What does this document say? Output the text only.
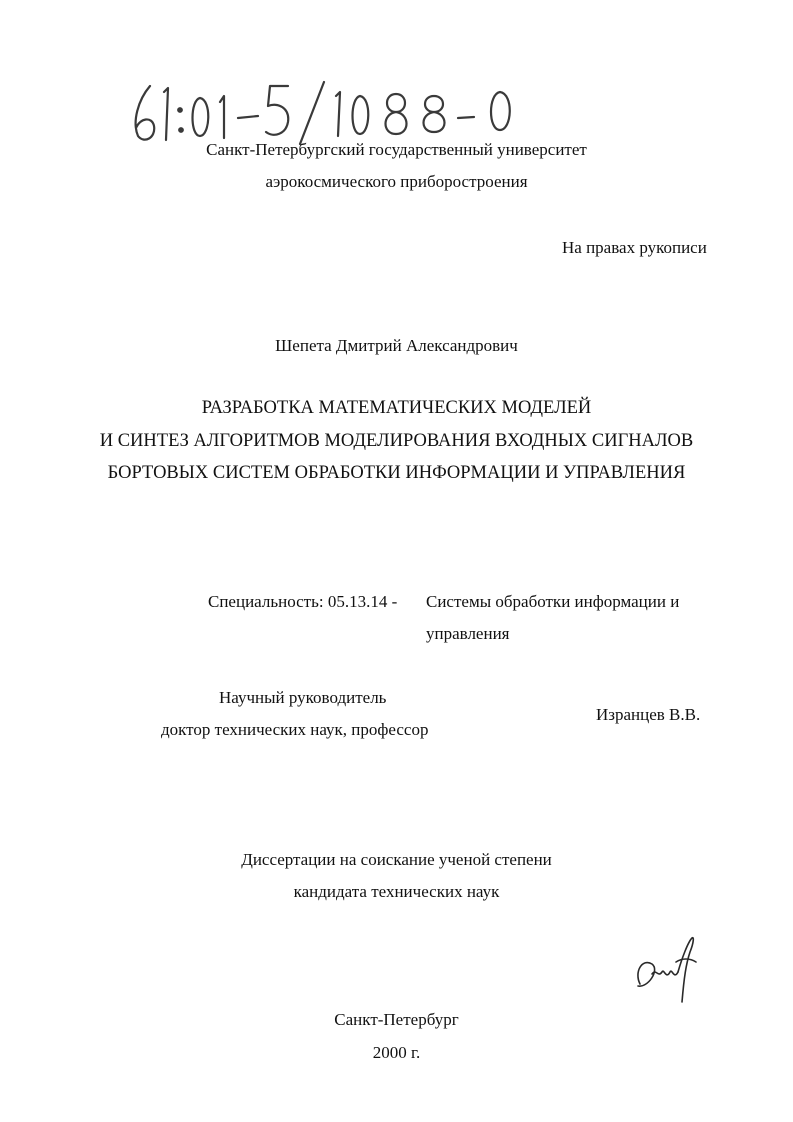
Санкт-Петербургский государственный университет
аэрокосмического приборостроения
На правах рукописи
Шепета Дмитрий Александрович
РАЗРАБОТКА МАТЕМАТИЧЕСКИХ МОДЕЛЕЙ
И СИНТЕЗ АЛГОРИТМОВ МОДЕЛИРОВАНИЯ ВХОДНЫХ СИГНАЛОВ
БОРТОВЫХ СИСТЕМ ОБРАБОТКИ ИНФОРМАЦИИ И УПРАВЛЕНИЯ
Специальность: 05.13.14 - Системы обработки информации и
управления
Научный руководитель
доктор технических наук, профессор
Изранцев В.В.
Диссертации на соискание ученой степени
кандидата технических наук
Санкт-Петербург
2000 г.
